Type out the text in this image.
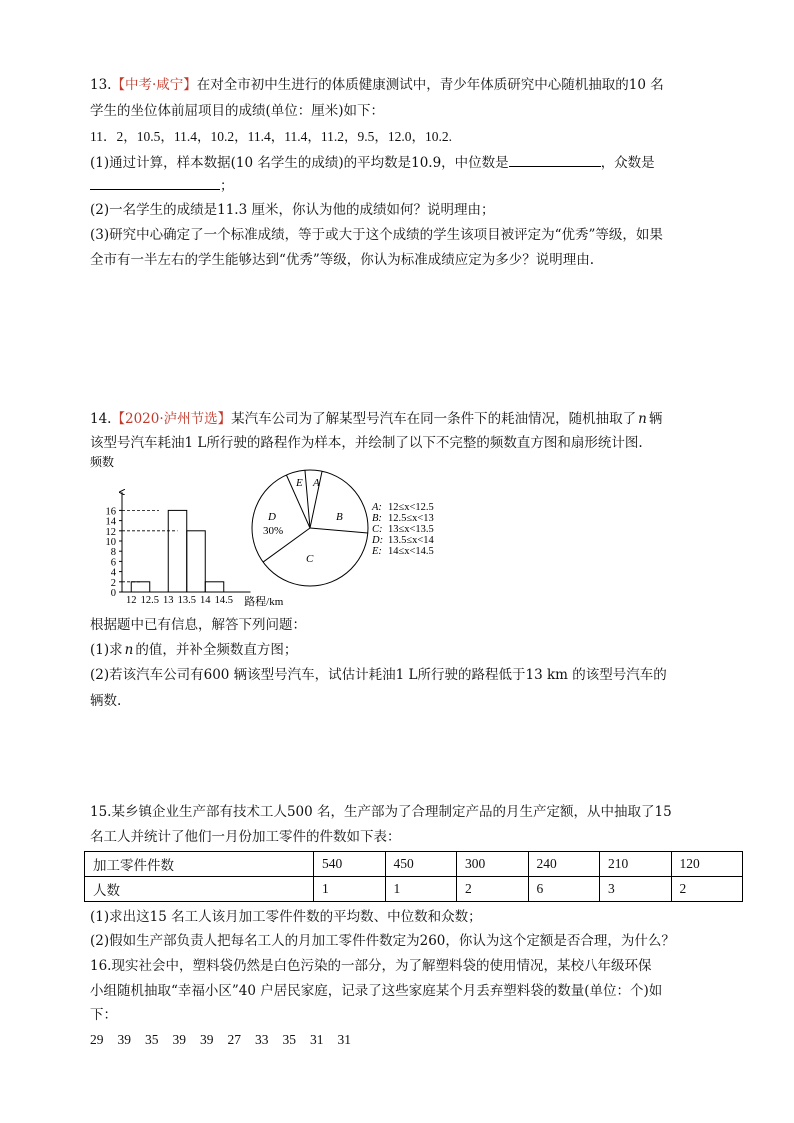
13.【中考·咸宁】在对全市初中生进行的体质健康测试中，青少年体质研究中心随机抽取的10 名
学生的坐位体前屈项目的成绩(单位：厘米)如下：
11．2，10.5，11.4，10.2，11.4，11.4，11.2，9.5，12.0，10.2.
(1)通过计算，样本数据(10 名学生的成绩)的平均数是10.9，中位数是	，众数是
；
(2)一名学生的成绩是11.3 厘米，你认为他的成绩如何？说明理由；
(3)研究中心确定了一个标准成绩，等于或大于这个成绩的学生该项目被评定为“优秀”等级，如果
全市有一半左右的学生能够达到“优秀”等级，你认为标准成绩应定为多少？说明理由.
14.【2020·泸州节选】某汽车公司为了解某型号汽车在同一条件下的耗油情况，随机抽取了 n 辆
该型号汽车耗油1 L所行驶的路程作为样本，并绘制了以下不完整的频数直方图和扇形统计图.
频数
0
2
4
6
8
10
12
14
16
12 12.5 13 13.5 14 14.5 路程/km
A
B
C
D
30%
E
A: 12≤x<12.5
B: 12.5≤x<13
C: 13≤x<13.5
D: 13.5≤x<14
E: 14≤x<14.5
根据题中已有信息，解答下列问题：
(1)求 n 的值，并补全频数直方图；
(2)若该汽车公司有600 辆该型号汽车，试估计耗油1 L所行驶的路程低于13 km 的该型号汽车的
辆数.
15.某乡镇企业生产部有技术工人500 名，生产部为了合理制定产品的月生产定额，从中抽取了15
名工人并统计了他们一月份加工零件的件数如下表：
加工零件件数	540	450	300	240	210	120
人数	1	1	2	6	3	2
(1)求出这15 名工人该月加工零件件数的平均数、中位数和众数；
(2)假如生产部负责人把每名工人的月加工零件件数定为260，你认为这个定额是否合理，为什么？
16.现实社会中，塑料袋仍然是白色污染的一部分，为了解塑料袋的使用情况，某校八年级环保
小组随机抽取“幸福小区”40 户居民家庭，记录了这些家庭某个月丢弃塑料袋的数量(单位：个)如
下：
29 39 35 39 39 27 33 35 31 31
